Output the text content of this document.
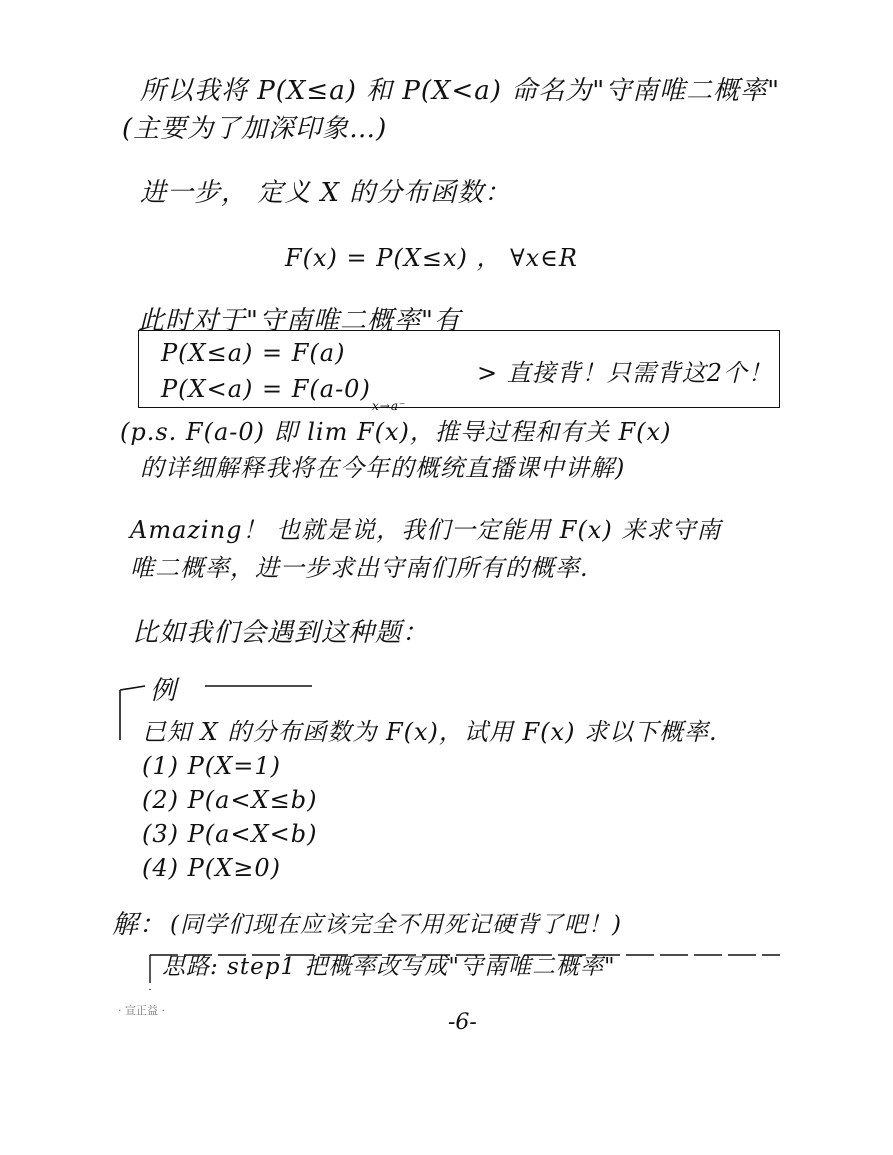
所以我将 P(X≤a) 和 P(X<a) 命名为"守南唯二概率"
(主要为了加深印象…)
进一步， 定义 X 的分布函数：
F(x) = P(X≤x) ， ∀x∈R
此时对于"守南唯二概率"有
P(X≤a) = F(a)
P(X<a) = F(a-0)
> 直接背！只需背这2个！
(p.s. F(a-0) 即 lim F(x)，推导过程和有关 F(x)
x→a⁻
的详细解释我将在今年的概统直播课中讲解)
Amazing！ 也就是说，我们一定能用 F(x) 来求守南
唯二概率，进一步求出守南们所有的概率.
比如我们会遇到这种题：
例
已知 X 的分布函数为 F(x)，试用 F(x) 求以下概率.
(1) P(X=1)
(2) P(a<X≤b)
(3) P(a<X<b)
(4) P(X≥0)
解： (同学们现在应该完全不用死记硬背了吧！)
思路: step1 把概率改写成"守南唯二概率"
· 宣正益 ·	-6-
